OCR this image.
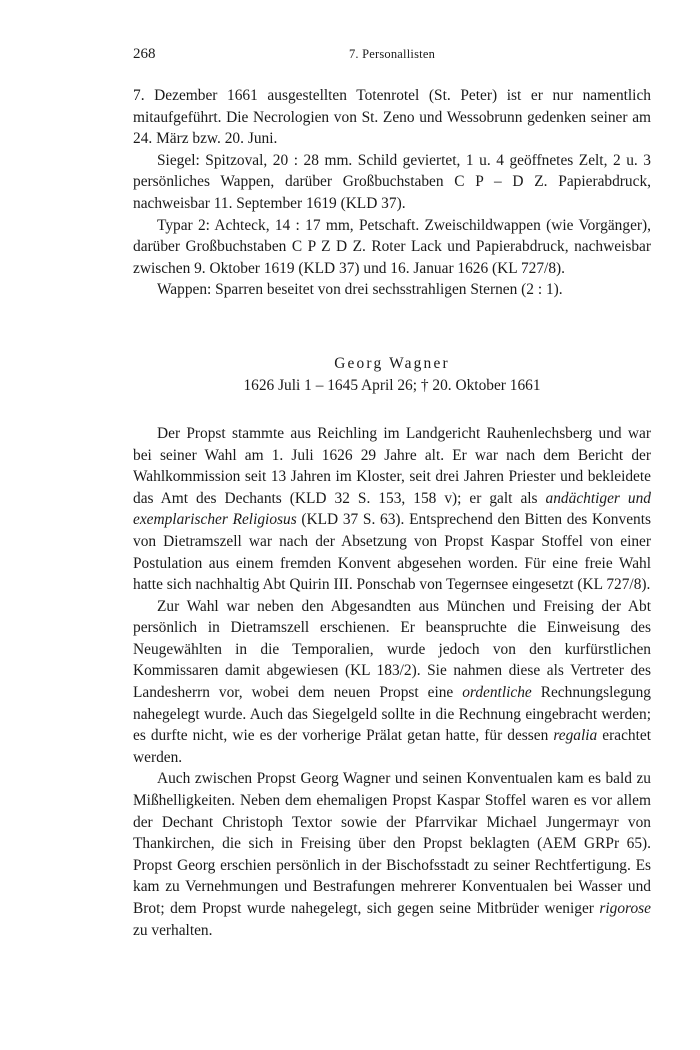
268	7. Personallisten

7. Dezember 1661 ausgestellten Totenrotel (St. Peter) ist er nur namentlich mitaufgeführt. Die Necrologien von St. Zeno und Wessobrunn gedenken seiner am 24. März bzw. 20. Juni.

Siegel: Spitzoval, 20 : 28 mm. Schild geviertet, 1 u. 4 geöffnetes Zelt, 2 u. 3 persönliches Wappen, darüber Großbuchstaben C P – D Z. Papierabdruck, nachweisbar 11. September 1619 (KLD 37).

Typar 2: Achteck, 14 : 17 mm, Petschaft. Zweischildwappen (wie Vorgänger), darüber Großbuchstaben C P Z D Z. Roter Lack und Papierabdruck, nachweisbar zwischen 9. Oktober 1619 (KLD 37) und 16. Januar 1626 (KL 727/8).

Wappen: Sparren beseitet von drei sechsstrahligen Sternen (2 : 1).

Georg Wagner
1626 Juli 1 – 1645 April 26; † 20. Oktober 1661

Der Propst stammte aus Reichling im Landgericht Rauhenlechsberg und war bei seiner Wahl am 1. Juli 1626 29 Jahre alt. Er war nach dem Bericht der Wahlkommission seit 13 Jahren im Kloster, seit drei Jahren Priester und bekleidete das Amt des Dechants (KLD 32 S. 153, 158 v); er galt als andächtiger und exemplarischer Religiosus (KLD 37 S. 63). Entsprechend den Bitten des Konvents von Dietramszell war nach der Absetzung von Propst Kaspar Stoffel von einer Postulation aus einem fremden Konvent abgesehen worden. Für eine freie Wahl hatte sich nachhaltig Abt Quirin III. Ponschab von Tegernsee eingesetzt (KL 727/8).

Zur Wahl war neben den Abgesandten aus München und Freising der Abt persönlich in Dietramszell erschienen. Er beanspruchte die Einweisung des Neugewählten in die Temporalien, wurde jedoch von den kurfürstlichen Kommissaren damit abgewiesen (KL 183/2). Sie nahmen diese als Vertreter des Landesherrn vor, wobei dem neuen Propst eine ordentliche Rechnungslegung nahegelegt wurde. Auch das Siegelgeld sollte in die Rechnung eingebracht werden; es durfte nicht, wie es der vorherige Prälat getan hatte, für dessen regalia erachtet werden.

Auch zwischen Propst Georg Wagner und seinen Konventualen kam es bald zu Mißhelligkeiten. Neben dem ehemaligen Propst Kaspar Stoffel waren es vor allem der Dechant Christoph Textor sowie der Pfarrvikar Michael Jungermayr von Thankirchen, die sich in Freising über den Propst beklagten (AEM GRPr 65). Propst Georg erschien persönlich in der Bischofsstadt zu seiner Rechtfertigung. Es kam zu Vernehmungen und Bestrafungen mehrerer Konventualen bei Wasser und Brot; dem Propst wurde nahegelegt, sich gegen seine Mitbrüder weniger rigorose zu verhalten.
